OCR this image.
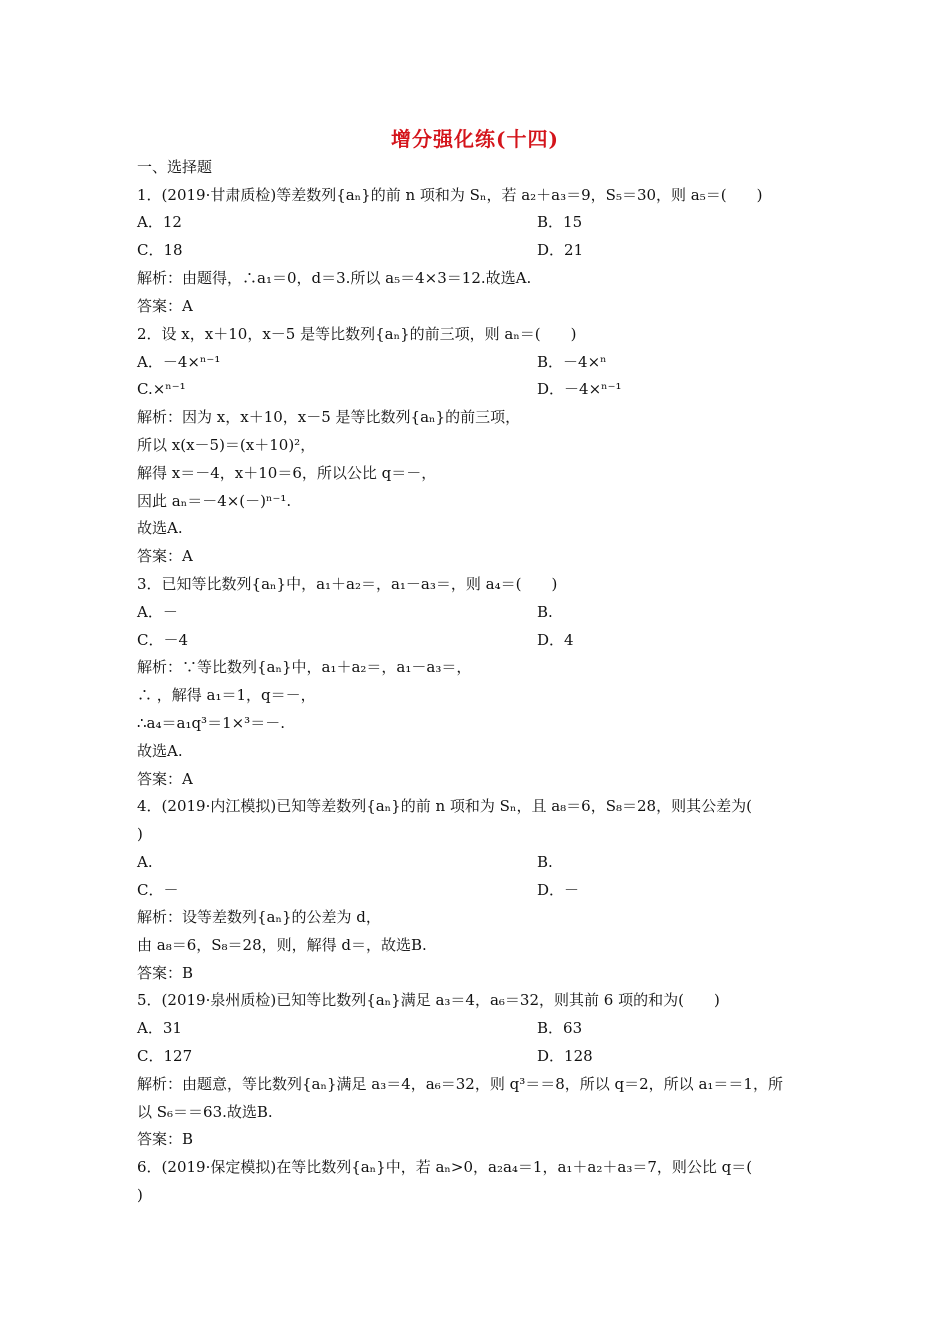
增分强化练(十四)
一、选择题
1．(2019·甘肃质检)等差数列{aₙ}的前 n 项和为 Sₙ，若 a₂＋a₃＝9，S₅＝30，则 a₅＝(　　)
A．12	B．15
C．18	D．21
解析：由题得，∴a₁＝0，d＝3.所以 a₅＝4×3＝12.故选A.
答案：A
2．设 x，x＋10，x－5 是等比数列{aₙ}的前三项，则 aₙ＝(　　)
A．－4×ⁿ⁻¹	B．－4×ⁿ
C.×ⁿ⁻¹	D．－4×ⁿ⁻¹
解析：因为 x，x＋10，x－5 是等比数列{aₙ}的前三项，
所以 x(x－5)＝(x＋10)²，
解得 x＝－4，x＋10＝6，所以公比 q＝－，
因此 aₙ＝－4×(－)ⁿ⁻¹.
故选A.
答案：A
3．已知等比数列{aₙ}中，a₁＋a₂＝，a₁－a₃＝，则 a₄＝(　　)
A．－	B.
C．－4	D．4
解析：∵等比数列{aₙ}中，a₁＋a₂＝，a₁－a₃＝，
∴ ，解得 a₁＝1，q＝－，
∴a₄＝a₁q³＝1×³＝－.
故选A.
答案：A
4．(2019·内江模拟)已知等差数列{aₙ}的前 n 项和为 Sₙ，且 a₈＝6，S₈＝28，则其公差为(
)
A.	B.
C．－	D．－
解析：设等差数列{aₙ}的公差为 d，
由 a₈＝6，S₈＝28，则，解得 d＝，故选B.
答案：B
5．(2019·泉州质检)已知等比数列{aₙ}满足 a₃＝4，a₆＝32，则其前 6 项的和为(　　)
A．31	B．63
C．127	D．128
解析：由题意，等比数列{aₙ}满足 a₃＝4，a₆＝32，则 q³＝＝8，所以 q＝2，所以 a₁＝＝1，所
以 S₆＝＝63.故选B.
答案：B
6．(2019·保定模拟)在等比数列{aₙ}中，若 aₙ>0，a₂a₄＝1，a₁＋a₂＋a₃＝7，则公比 q＝(
)
